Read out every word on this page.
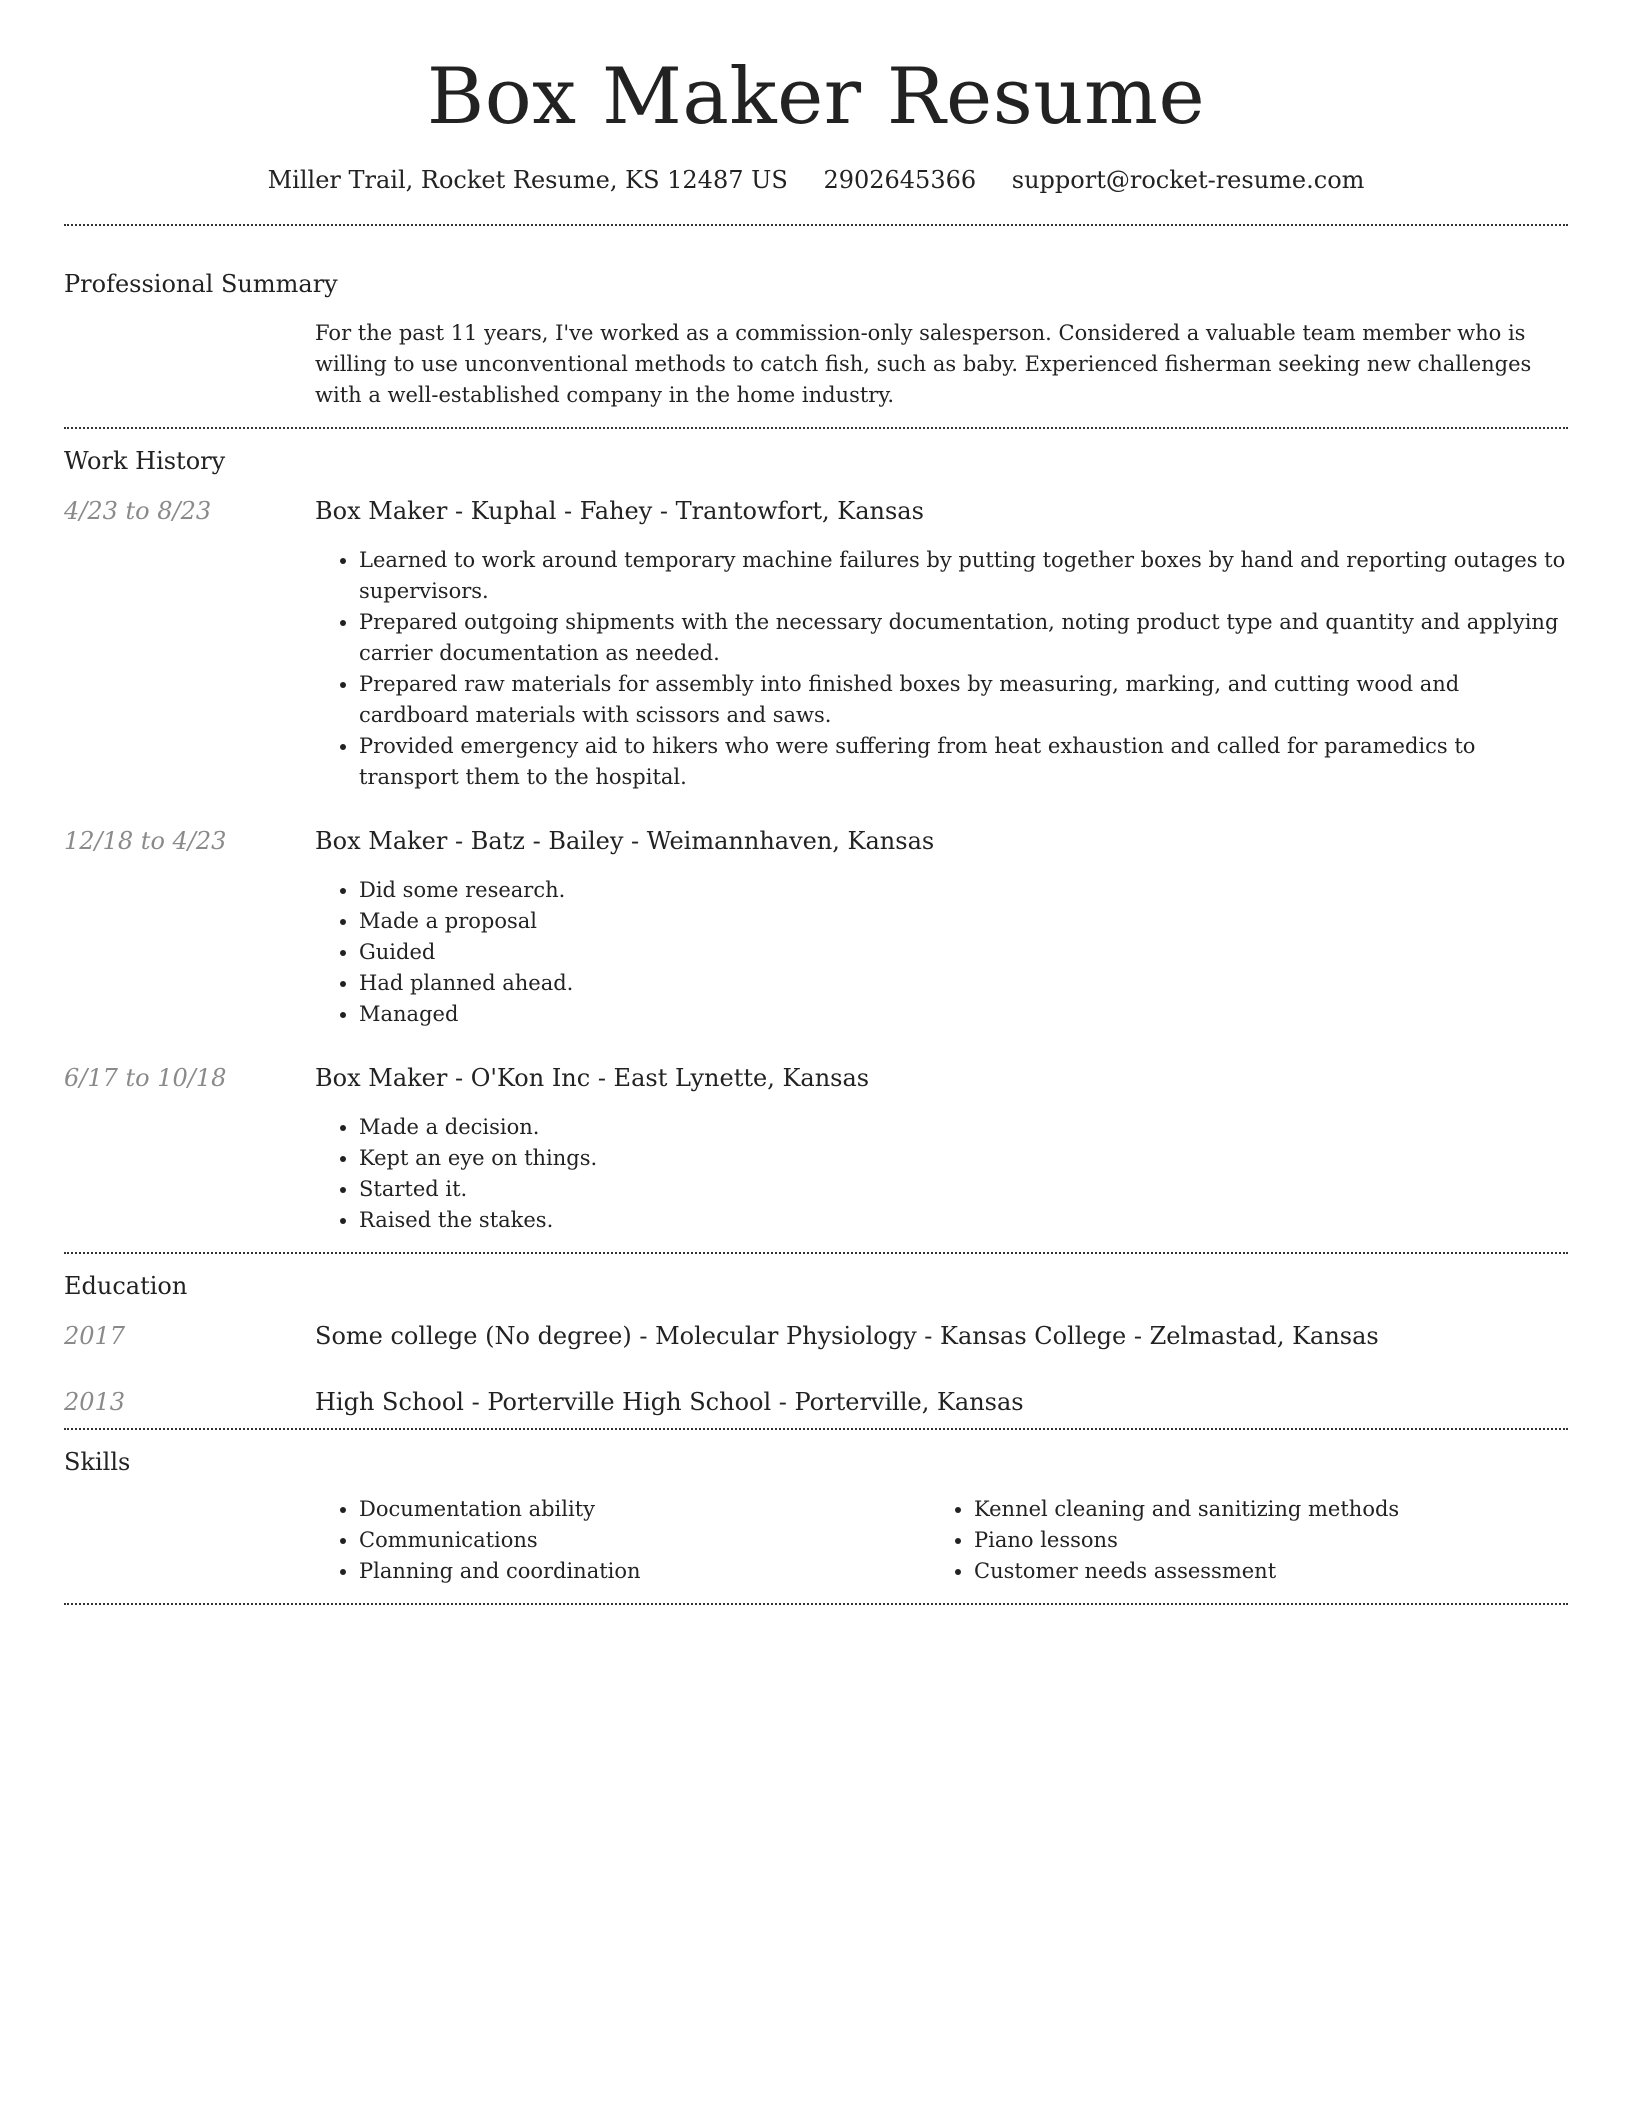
Box Maker Resume
Miller Trail, Rocket Resume, KS 12487 US 2902645366 support@rocket-resume.com
Professional Summary

For the past 11 years, I've worked as a commission-only salesperson. Considered a valuable team member who is willing to use unconventional methods to catch fish, such as baby. Experienced fisherman seeking new challenges with a well-established company in the home industry.

Work History
4/23 to 8/23	Box Maker - Kuphal - Fahey - Trantowfort, Kansas
• Learned to work around temporary machine failures by putting together boxes by hand and reporting outages to supervisors.
• Prepared outgoing shipments with the necessary documentation, noting product type and quantity and applying carrier documentation as needed.
• Prepared raw materials for assembly into finished boxes by measuring, marking, and cutting wood and cardboard materials with scissors and saws.
• Provided emergency aid to hikers who were suffering from heat exhaustion and called for paramedics to transport them to the hospital.
12/18 to 4/23	Box Maker - Batz - Bailey - Weimannhaven, Kansas
• Did some research.
• Made a proposal
• Guided
• Had planned ahead.
• Managed
6/17 to 10/18	Box Maker - O'Kon Inc - East Lynette, Kansas
• Made a decision.
• Kept an eye on things.
• Started it.
• Raised the stakes.
Education
2017	Some college (No degree) - Molecular Physiology - Kansas College - Zelmastad, Kansas
2013	High School - Porterville High School - Porterville, Kansas
Skills
• Documentation ability
• Communications
• Planning and coordination
• Kennel cleaning and sanitizing methods
• Piano lessons
• Customer needs assessment
